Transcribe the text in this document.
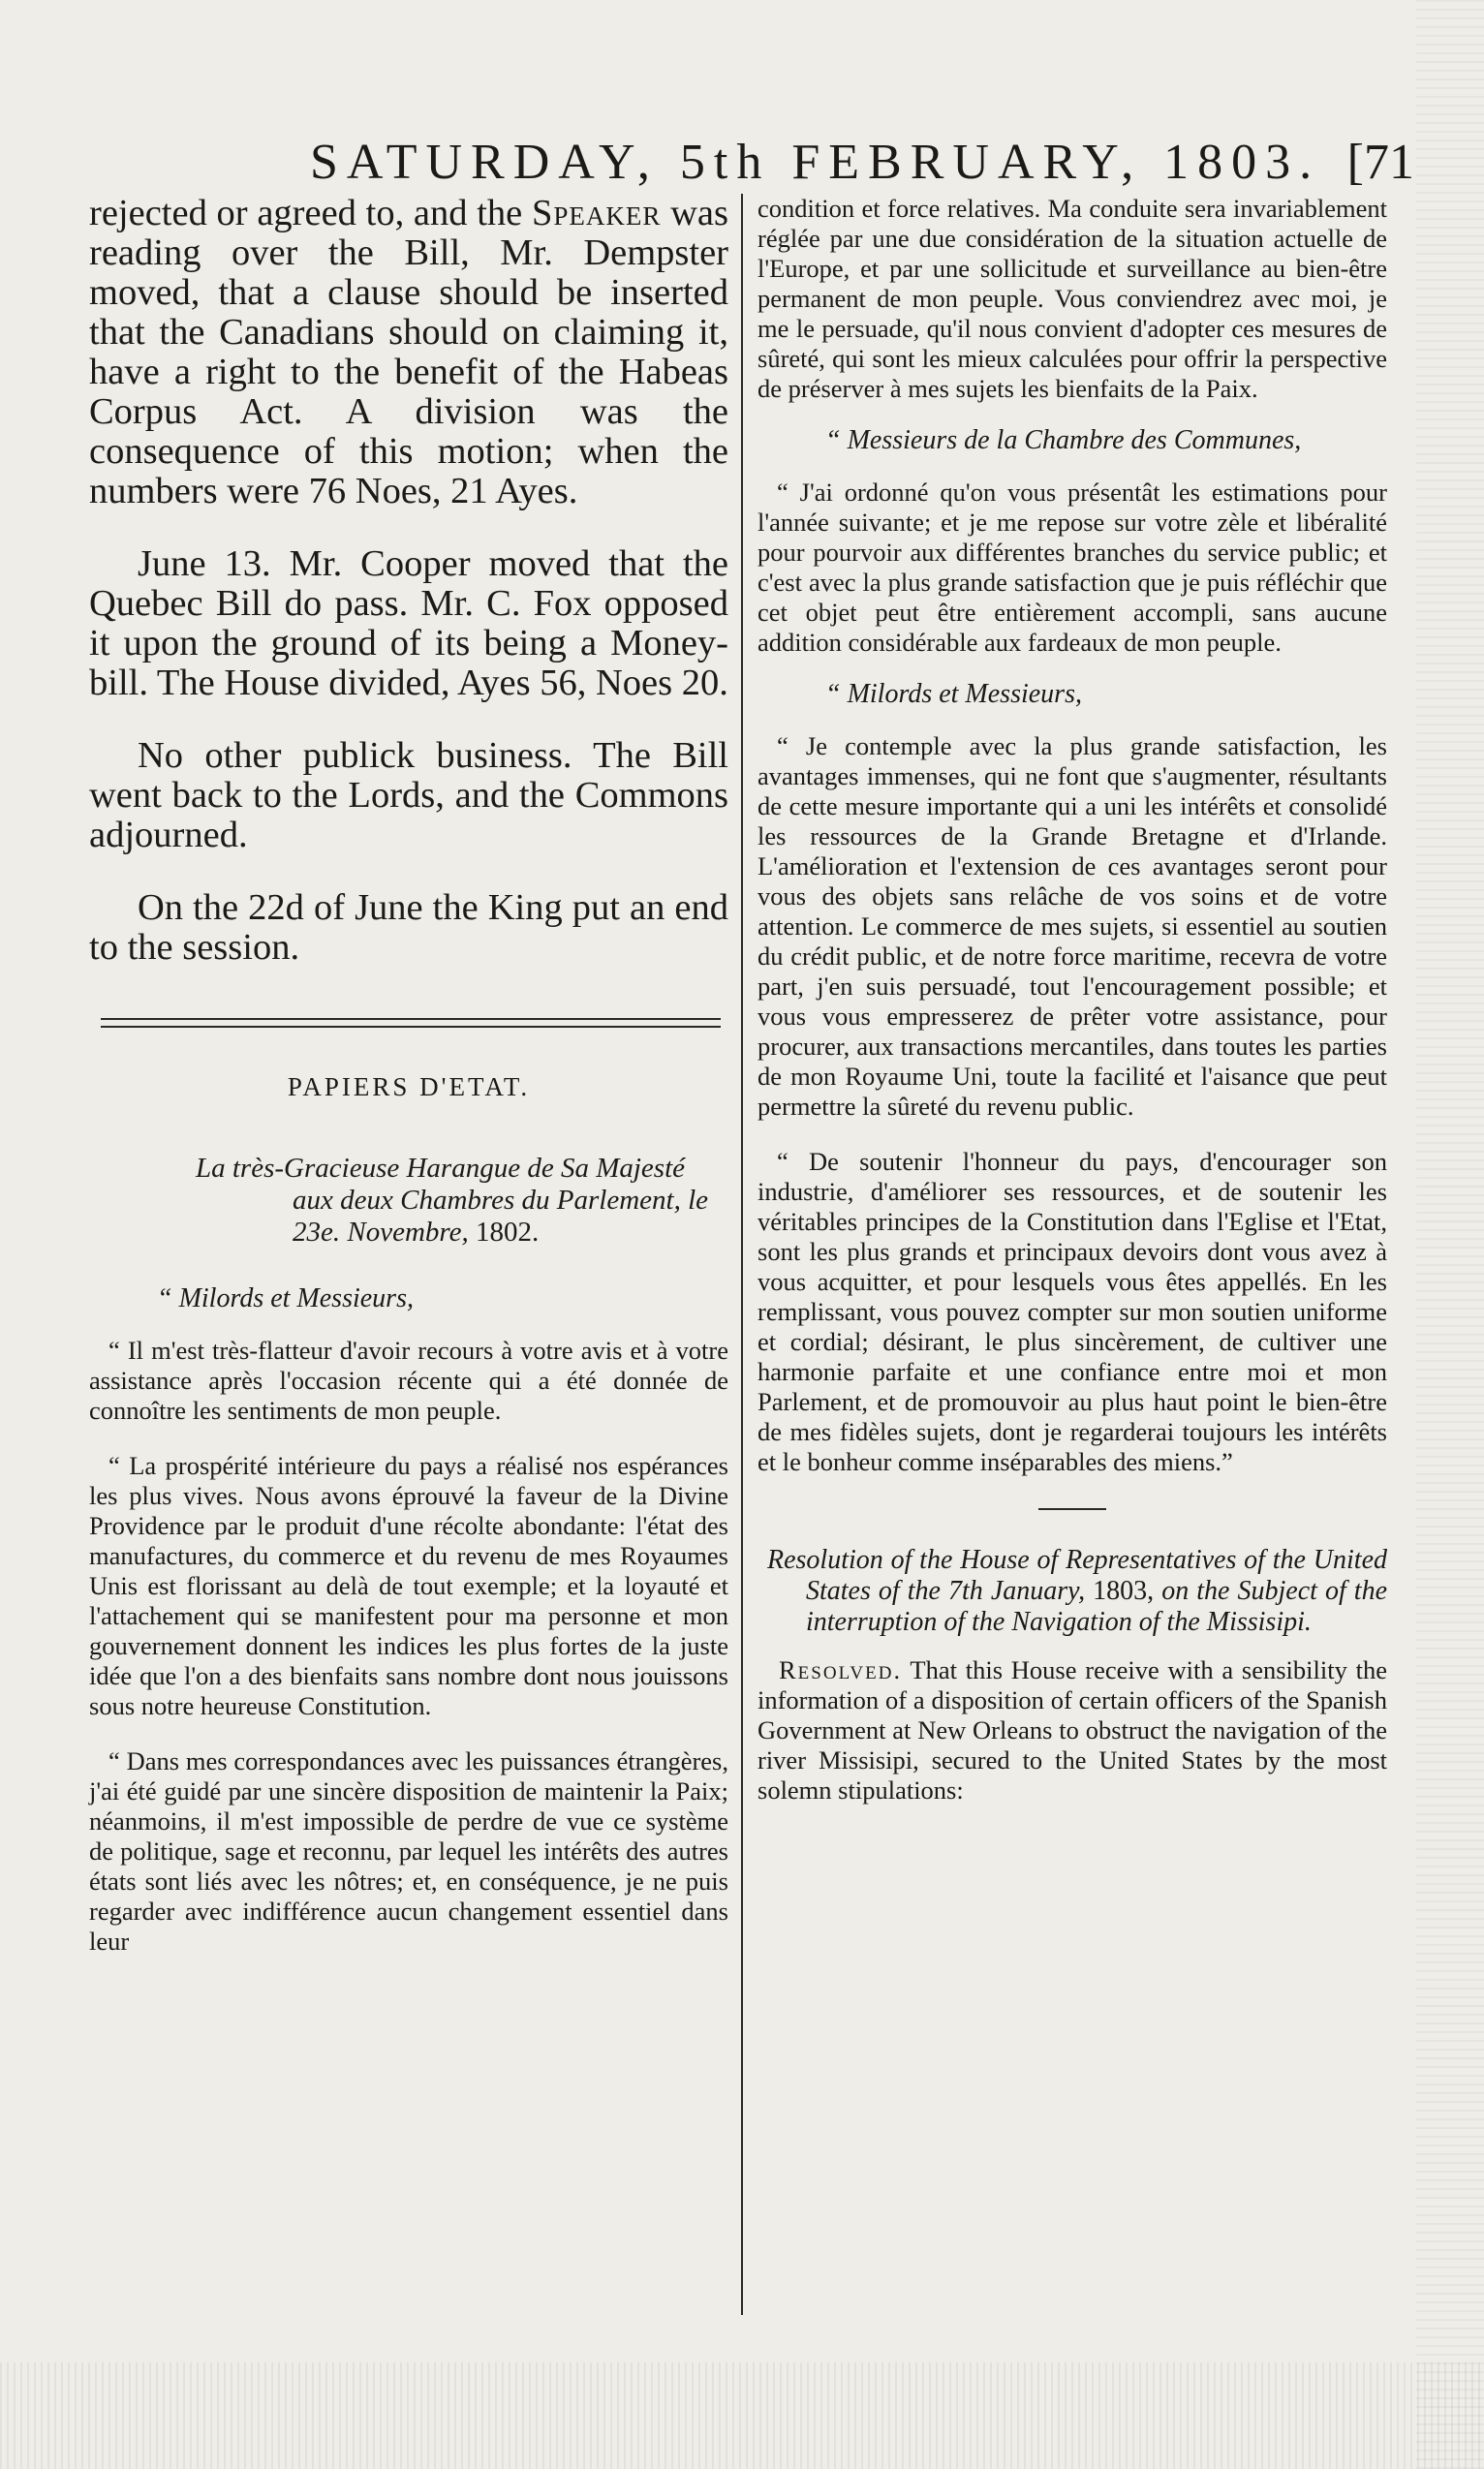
SATURDAY, 5th FEBRUARY, 1803. [71

rejected or agreed to, and the Speaker was reading over the Bill, Mr. Dempster moved, that a clause should be inserted that the Canadians should on claiming it, have a right to the benefit of the Habeas Corpus Act. A division was the consequence of this motion; when the numbers were 76 Noes, 21 Ayes.

June 13. Mr. Cooper moved that the Quebec Bill do pass. Mr. C. Fox opposed it upon the ground of its being a Money-bill. The House divided, Ayes 56, Noes 20.

No other publick business. The Bill went back to the Lords, and the Commons adjourned.

On the 22d of June the King put an end to the session.

PAPIERS D'ETAT.
La très-Gracieuse Harangue de Sa Majesté aux deux Chambres du Parlement, le 23e. Novembre, 1802.
“ Milords et Messieurs,

“ Il m'est très-flatteur d'avoir recours à votre avis et à votre assistance après l'occasion récente qui a été donnée de connoître les sentiments de mon peuple.

“ La prospérité intérieure du pays a réalisé nos espérances les plus vives. Nous avons éprouvé la faveur de la Divine Providence par le produit d'une récolte abondante: l'état des manufactures, du commerce et du revenu de mes Royaumes Unis est florissant au delà de tout exemple; et la loyauté et l'attachement qui se manifestent pour ma personne et mon gouvernement donnent les indices les plus fortes de la juste idée que l'on a des bienfaits sans nombre dont nous jouissons sous notre heureuse Constitution.

“ Dans mes correspondances avec les puissances étrangères, j'ai été guidé par une sincère disposition de maintenir la Paix; néanmoins, il m'est impossible de perdre de vue ce système de politique, sage et reconnu, par lequel les intérêts des autres états sont liés avec les nôtres; et, en conséquence, je ne puis regarder avec indifférence aucun changement essentiel dans leur

condition et force relatives. Ma conduite sera invariablement réglée par une due considération de la situation actuelle de l'Europe, et par une sollicitude et surveillance au bien-être permanent de mon peuple. Vous conviendrez avec moi, je me le persuade, qu'il nous convient d'adopter ces mesures de sûreté, qui sont les mieux calculées pour offrir la perspective de préserver à mes sujets les bienfaits de la Paix.

“ Messieurs de la Chambre des Communes,

“ J'ai ordonné qu'on vous présentât les estimations pour l'année suivante; et je me repose sur votre zèle et libéralité pour pourvoir aux différentes branches du service public; et c'est avec la plus grande satisfaction que je puis réfléchir que cet objet peut être entièrement accompli, sans aucune addition considérable aux fardeaux de mon peuple.

“ Milords et Messieurs,

“ Je contemple avec la plus grande satisfaction, les avantages immenses, qui ne font que s'augmenter, résultants de cette mesure importante qui a uni les intérêts et consolidé les ressources de la Grande Bretagne et d'Irlande. L'amélioration et l'extension de ces avantages seront pour vous des objets sans relâche de vos soins et de votre attention. Le commerce de mes sujets, si essentiel au soutien du crédit public, et de notre force maritime, recevra de votre part, j'en suis persuadé, tout l'encouragement possible; et vous vous empresserez de prêter votre assistance, pour procurer, aux transactions mercantiles, dans toutes les parties de mon Royaume Uni, toute la facilité et l'aisance que peut permettre la sûreté du revenu public.

“ De soutenir l'honneur du pays, d'encourager son industrie, d'améliorer ses ressources, et de soutenir les véritables principes de la Constitution dans l'Eglise et l'Etat, sont les plus grands et principaux devoirs dont vous avez à vous acquitter, et pour lesquels vous êtes appellés. En les remplissant, vous pouvez compter sur mon soutien uniforme et cordial; désirant, le plus sincèrement, de cultiver une harmonie parfaite et une confiance entre moi et mon Parlement, et de promouvoir au plus haut point le bien-être de mes fidèles sujets, dont je regarderai toujours les intérêts et le bonheur comme inséparables des miens.”

Resolution of the House of Representatives of the United States of the 7th January, 1803, on the Subject of the interruption of the Navigation of the Missisipi.

Resolved. That this House receive with a sensibility the information of a disposition of certain officers of the Spanish Government at New Orleans to obstruct the navigation of the river Missisipi, secured to the United States by the most solemn stipulations:
